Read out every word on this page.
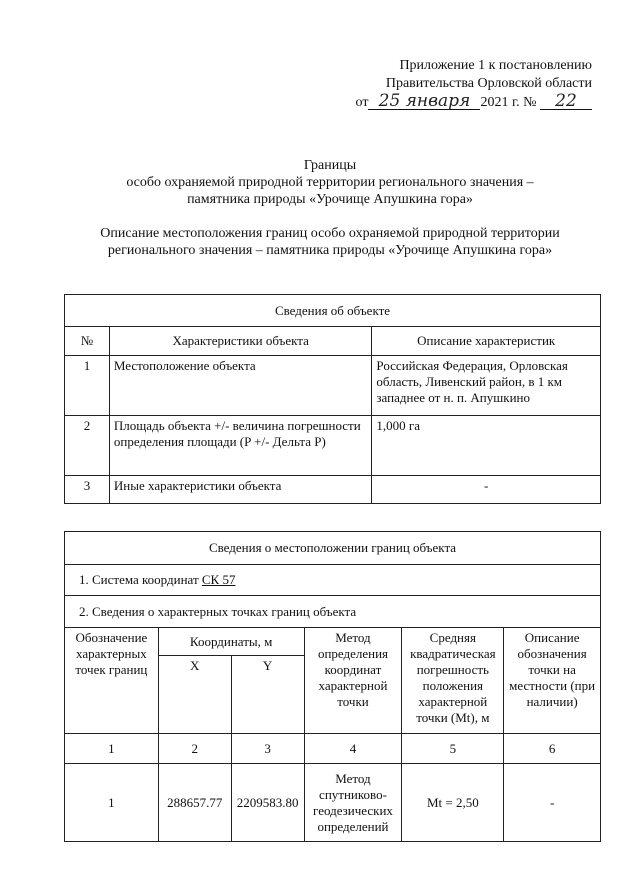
Приложение 1 к постановлению
Правительства Орловской области
от 25 января 2021 г. № 22
Границы
особо охраняемой природной территории регионального значения –
памятника природы «Урочище Апушкина гора»
Описание местоположения границ особо охраняемой природной территории
регионального значения – памятника природы «Урочище Апушкина гора»
Сведения об объекте		
№	Характеристики объекта	Описание характеристик
1	Местоположение объекта	Российская Федерация, Орловская область, Ливенский район, в 1 км западнее от н. п. Апушкино
2	Площадь объекта +/- величина погрешности определения площади (P +/- Дельта P)	1,000 га
3	Иные характеристики объекта	-
Сведения о местоположении границ объекта					
1. Система координат СК 57					
2. Сведения о характерных точках границ объекта					
Обозначение характерных точек границ	Координаты, м		Метод определения координат характерной точки	Средняя квадратическая погрешность положения характерной точки (Mt), м	Описание обозначения точки на местности (при наличии)
	X	Y			
1	2	3	4	5	6
1	288657.77	2209583.80	Метод спутниково-геодезических определений	Mt = 2,50	-
